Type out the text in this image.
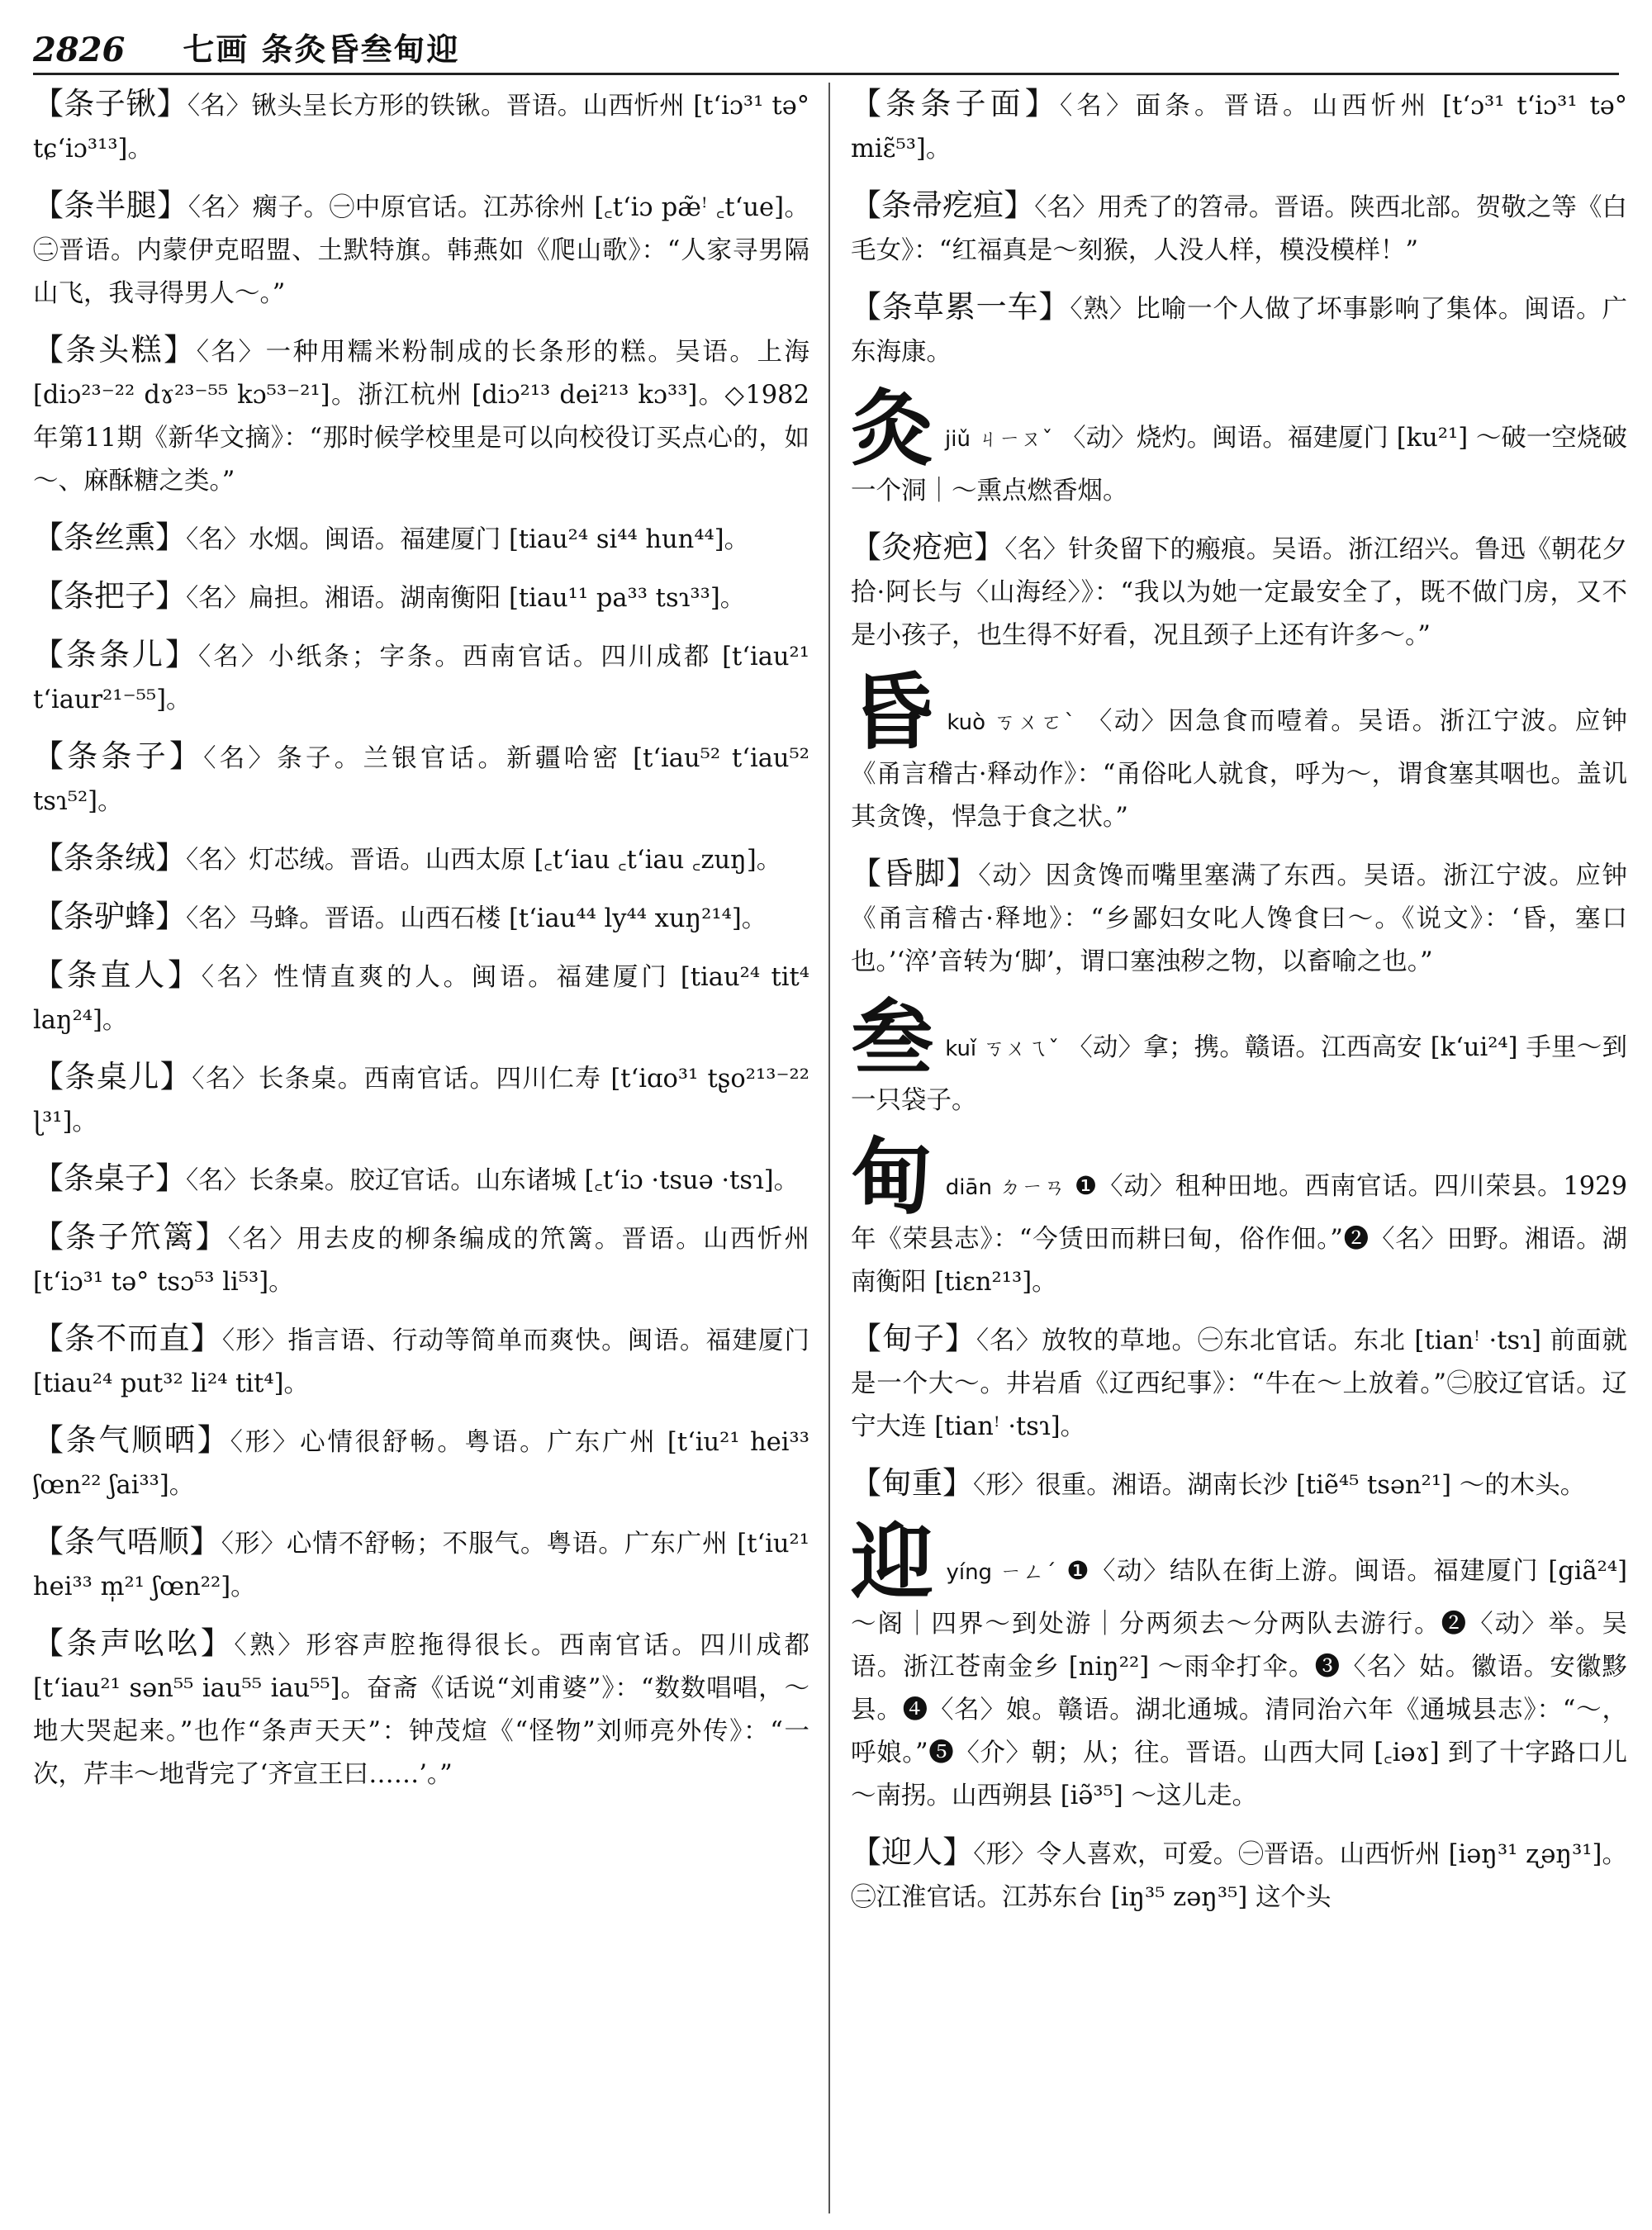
2826 七画 条灸昏叁甸迎

【条子锹】〈名〉锹头呈长方形的铁锹。晋语。山西忻州 [t‘iɔ³¹ tə° tɕ‘iɔ³¹³]。

【条半腿】〈名〉瘸子。㊀中原官话。江苏徐州 [꜀t‘iɔ pæ̃ꜝ ꜀t‘ue]。㊁晋语。内蒙伊克昭盟、土默特旗。韩燕如《爬山歌》：“人家寻男隔山飞，我寻得男人～。”

【条头糕】〈名〉一种用糯米粉制成的长条形的糕。吴语。上海 [diɔ²³⁻²² dɤ²³⁻⁵⁵ kɔ⁵³⁻²¹]。浙江杭州 [diɔ²¹³ dei²¹³ kɔ³³]。◇1982年第11期《新华文摘》：“那时候学校里是可以向校役订买点心的，如～、麻酥糖之类。”

【条丝熏】〈名〉水烟。闽语。福建厦门 [tiau²⁴ si⁴⁴ hun⁴⁴]。

【条把子】〈名〉扁担。湘语。湖南衡阳 [tiau¹¹ pa³³ tsɿ³³]。

【条条儿】〈名〉小纸条；字条。西南官话。四川成都 [t‘iau²¹ t‘iaur²¹⁻⁵⁵]。

【条条子】〈名〉条子。兰银官话。新疆哈密 [t‘iau⁵² t‘iau⁵² tsɿ⁵²]。

【条条绒】〈名〉灯芯绒。晋语。山西太原 [꜀t‘iau ꜀t‘iau ꜀zuŋ]。

【条驴蜂】〈名〉马蜂。晋语。山西石楼 [t‘iau⁴⁴ ly⁴⁴ xuŋ²¹⁴]。

【条直人】〈名〉性情直爽的人。闽语。福建厦门 [tiau²⁴ tit⁴ laŋ²⁴]。

【条桌儿】〈名〉长条桌。西南官话。四川仁寿 [t‘iɑo³¹ tʂo²¹³⁻²² ɭ³¹]。

【条桌子】〈名〉长条桌。胶辽官话。山东诸城 [꜀t‘iɔ ·tsuə ·tsɿ]。

【条子笊篱】〈名〉用去皮的柳条编成的笊篱。晋语。山西忻州 [t‘iɔ³¹ tə° tsɔ⁵³ li⁵³]。

【条不而直】〈形〉指言语、行动等简单而爽快。闽语。福建厦门 [tiau²⁴ put³² li²⁴ tit⁴]。

【条气顺晒】〈形〉心情很舒畅。粤语。广东广州 [t‘iu²¹ hei³³ ʃœn²² ʃai³³]。

【条气唔顺】〈形〉心情不舒畅；不服气。粤语。广东广州 [t‘iu²¹ hei³³ m̩²¹ ʃœn²²]。

【条声吆吆】〈熟〉形容声腔拖得很长。西南官话。四川成都 [t‘iau²¹ sən⁵⁵ iau⁵⁵ iau⁵⁵]。奋斋《话说“刘甫婆”》：“数数唱唱，～地大哭起来。”也作“条声天天”：钟茂煊《“怪物”刘师亮外传》：“一次，芹丰～地背完了‘齐宣王曰……’。”

【条条子面】〈名〉面条。晋语。山西忻州 [t‘ɔ³¹ t‘iɔ³¹ tə° miɛ̃⁵³]。

【条帚疙疸】〈名〉用秃了的笤帚。晋语。陕西北部。贺敬之等《白毛女》：“红福真是～刻猴，人没人样，模没模样！”

【条草累一车】〈熟〉比喻一个人做了坏事影响了集体。闽语。广东海康。

灸jiǔ ㄐㄧㄡˇ 〈动〉烧灼。闽语。福建厦门 [ku²¹] ～破一空烧破一个洞｜～熏点燃香烟。

【灸疮疤】〈名〉针灸留下的瘢痕。吴语。浙江绍兴。鲁迅《朝花夕拾·阿长与〈山海经〉》：“我以为她一定最安全了，既不做门房，又不是小孩子，也生得不好看，况且颈子上还有许多～。”

昏kuò ㄎㄨㄛˋ 〈动〉因急食而噎着。吴语。浙江宁波。应钟《甬言稽古·释动作》：“甬俗叱人就食，呼为～，谓食塞其咽也。盖讥其贪馋，悍急于食之状。”

【昏脚】〈动〉因贪馋而嘴里塞满了东西。吴语。浙江宁波。应钟《甬言稽古·释地》：“乡鄙妇女叱人馋食曰～。《说文》：‘昏，塞口也。’‘淬’音转为‘脚’，谓口塞浊秽之物，以畜喻之也。”

叁kuǐ ㄎㄨㄟˇ 〈动〉拿；携。赣语。江西高安 [k‘ui²⁴] 手里～到一只袋子。

甸diān ㄉㄧㄢ ❶〈动〉租种田地。西南官话。四川荣县。1929年《荣县志》：“今赁田而耕曰甸，俗作佃。”❷〈名〉田野。湘语。湖南衡阳 [tiɛn²¹³]。

【甸子】〈名〉放牧的草地。㊀东北官话。东北 [tianꜝ ·tsɿ] 前面就是一个大～。井岩盾《辽西纪事》：“牛在～上放着。”㊁胶辽官话。辽宁大连 [tianꜝ ·tsɿ]。

【甸重】〈形〉很重。湘语。湖南长沙 [tiẽ⁴⁵ tsən²¹] ～的木头。

迎yíng ㄧㄥˊ ❶〈动〉结队在街上游。闽语。福建厦门 [giã²⁴] ～阁｜四界～到处游｜分两须去～分两队去游行。❷〈动〉举。吴语。浙江苍南金乡 [niŋ²²] ～雨伞打伞。❸〈名〉姑。徽语。安徽黟县。❹〈名〉娘。赣语。湖北通城。清同治六年《通城县志》：“～，呼娘。”❺〈介〉朝；从；往。晋语。山西大同 [꜀iəɤ] 到了十字路口儿～南拐。山西朔县 [iə̃³⁵] ～这儿走。

【迎人】〈形〉令人喜欢，可爱。㊀晋语。山西忻州 [iəŋ³¹ ʐəŋ³¹]。㊁江淮官话。江苏东台 [iŋ³⁵ zəŋ³⁵] 这个头
